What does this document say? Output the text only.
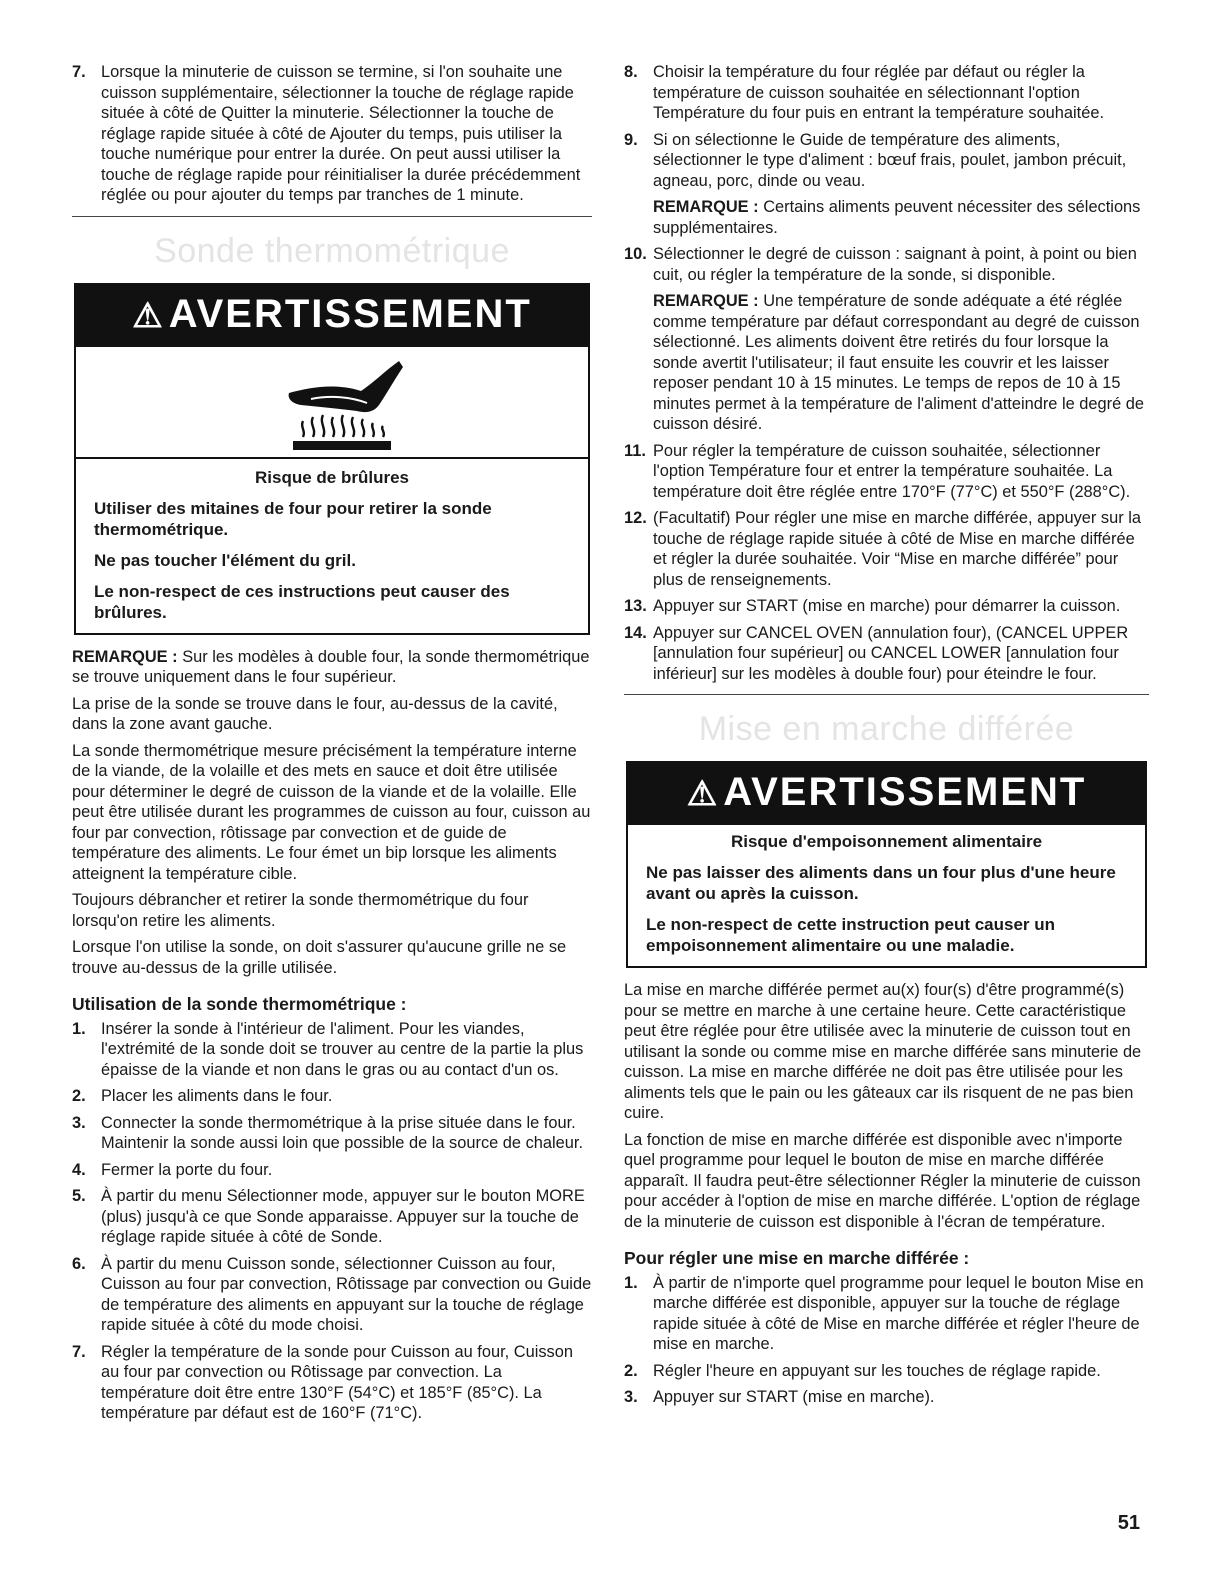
7. Lorsque la minuterie de cuisson se termine, si l'on souhaite une cuisson supplémentaire, sélectionner la touche de réglage rapide située à côté de Quitter la minuterie. Sélectionner la touche de réglage rapide située à côté de Ajouter du temps, puis utiliser la touche numérique pour entrer la durée. On peut aussi utiliser la touche de réglage rapide pour réinitialiser la durée précédemment réglée ou pour ajouter du temps par tranches de 1 minute.
Sonde thermométrique
⚠ AVERTISSEMENT
Risque de brûlures
Utiliser des mitaines de four pour retirer la sonde thermométrique.
Ne pas toucher l'élément du gril.
Le non-respect de ces instructions peut causer des brûlures.

REMARQUE : Sur les modèles à double four, la sonde thermométrique se trouve uniquement dans le four supérieur.

La prise de la sonde se trouve dans le four, au-dessus de la cavité, dans la zone avant gauche.

La sonde thermométrique mesure précisément la température interne de la viande, de la volaille et des mets en sauce et doit être utilisée pour déterminer le degré de cuisson de la viande et de la volaille. Elle peut être utilisée durant les programmes de cuisson au four, cuisson au four par convection, rôtissage par convection et de guide de température des aliments. Le four émet un bip lorsque les aliments atteignent la température cible.

Toujours débrancher et retirer la sonde thermométrique du four lorsqu'on retire les aliments.

Lorsque l'on utilise la sonde, on doit s'assurer qu'aucune grille ne se trouve au-dessus de la grille utilisée.

Utilisation de la sonde thermométrique :
1. Insérer la sonde à l'intérieur de l'aliment. Pour les viandes, l'extrémité de la sonde doit se trouver au centre de la partie la plus épaisse de la viande et non dans le gras ou au contact d'un os.
2. Placer les aliments dans le four.
3. Connecter la sonde thermométrique à la prise située dans le four. Maintenir la sonde aussi loin que possible de la source de chaleur.
4. Fermer la porte du four.
5. À partir du menu Sélectionner mode, appuyer sur le bouton MORE (plus) jusqu'à ce que Sonde apparaisse. Appuyer sur la touche de réglage rapide située à côté de Sonde.
6. À partir du menu Cuisson sonde, sélectionner Cuisson au four, Cuisson au four par convection, Rôtissage par convection ou Guide de température des aliments en appuyant sur la touche de réglage rapide située à côté du mode choisi.
7. Régler la température de la sonde pour Cuisson au four, Cuisson au four par convection ou Rôtissage par convection. La température doit être entre 130°F (54°C) et 185°F (85°C). La température par défaut est de 160°F (71°C).
8. Choisir la température du four réglée par défaut ou régler la température de cuisson souhaitée en sélectionnant l'option Température du four puis en entrant la température souhaitée.
9. Si on sélectionne le Guide de température des aliments, sélectionner le type d'aliment : bœuf frais, poulet, jambon précuit, agneau, porc, dinde ou veau.
REMARQUE : Certains aliments peuvent nécessiter des sélections supplémentaires.
10. Sélectionner le degré de cuisson : saignant à point, à point ou bien cuit, ou régler la température de la sonde, si disponible.
REMARQUE : Une température de sonde adéquate a été réglée comme température par défaut correspondant au degré de cuisson sélectionné. Les aliments doivent être retirés du four lorsque la sonde avertit l'utilisateur; il faut ensuite les couvrir et les laisser reposer pendant 10 à 15 minutes. Le temps de repos de 10 à 15 minutes permet à la température de l'aliment d'atteindre le degré de cuisson désiré.
11. Pour régler la température de cuisson souhaitée, sélectionner l'option Température four et entrer la température souhaitée. La température doit être réglée entre 170°F (77°C) et 550°F (288°C).
12. (Facultatif) Pour régler une mise en marche différée, appuyer sur la touche de réglage rapide située à côté de Mise en marche différée et régler la durée souhaitée. Voir “Mise en marche différée” pour plus de renseignements.
13. Appuyer sur START (mise en marche) pour démarrer la cuisson.
14. Appuyer sur CANCEL OVEN (annulation four), (CANCEL UPPER [annulation four supérieur] ou CANCEL LOWER [annulation four inférieur] sur les modèles à double four) pour éteindre le four.
Mise en marche différée
⚠ AVERTISSEMENT
Risque d'empoisonnement alimentaire
Ne pas laisser des aliments dans un four plus d'une heure avant ou après la cuisson.
Le non-respect de cette instruction peut causer un empoisonnement alimentaire ou une maladie.

La mise en marche différée permet au(x) four(s) d'être programmé(s) pour se mettre en marche à une certaine heure. Cette caractéristique peut être réglée pour être utilisée avec la minuterie de cuisson tout en utilisant la sonde ou comme mise en marche différée sans minuterie de cuisson. La mise en marche différée ne doit pas être utilisée pour les aliments tels que le pain ou les gâteaux car ils risquent de ne pas bien cuire.

La fonction de mise en marche différée est disponible avec n'importe quel programme pour lequel le bouton de mise en marche différée apparaît. Il faudra peut-être sélectionner Régler la minuterie de cuisson pour accéder à l'option de mise en marche différée. L'option de réglage de la minuterie de cuisson est disponible à l'écran de température.

Pour régler une mise en marche différée :
1. À partir de n'importe quel programme pour lequel le bouton Mise en marche différée est disponible, appuyer sur la touche de réglage rapide située à côté de Mise en marche différée et régler l'heure de mise en marche.
2. Régler l'heure en appuyant sur les touches de réglage rapide.
3. Appuyer sur START (mise en marche).
51
